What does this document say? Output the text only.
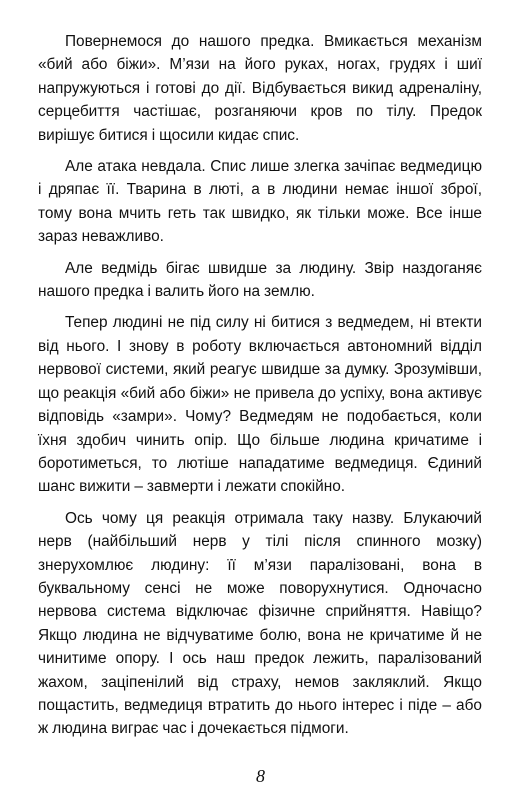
Повернемося до нашого предка. Вмикається механізм «бий або біжи». М’язи на його руках, ногах, грудях і шиї напружуються і готові до дії. Відбувається викид адреналіну, серцебиття частішає, розганяючи кров по тілу. Предок вирішує битися і щосили кидає спис.

Але атака невдала. Спис лише злегка зачіпає ведмедицю і дряпає її. Тварина в люті, а в людини немає іншої зброї, тому вона мчить геть так швидко, як тільки може. Все інше зараз неважливо.

Але ведмідь бігає швидше за людину. Звір наздоганяє нашого предка і валить його на землю.

Тепер людині не під силу ні битися з ведмедем, ні втекти від нього. І знову в роботу включається автономний відділ нервової системи, який реагує швидше за думку. Зрозумівши, що реакція «бий або біжи» не привела до успіху, вона активує відповідь «замри». Чому? Ведмедям не подобається, коли їхня здобич чинить опір. Що більше людина кричатиме і боротиметься, то лютіше нападатиме ведмедиця. Єдиний шанс вижити – завмерти і лежати спокійно.

Ось чому ця реакція отримала таку назву. Блукаючий нерв (найбільший нерв у тілі після спинного мозку) знерухомлює людину: її м’язи паралізовані, вона в буквальному сенсі не може поворухнутися. Одночасно нервова система відключає фізичне сприйняття. Навіщо? Якщо людина не відчуватиме болю, вона не кричатиме й не чинитиме опору. І ось наш предок лежить, паралізований жахом, заціпенілий від страху, немов закляклий. Якщо пощастить, ведмедиця втратить до нього інтерес і піде – або ж людина виграє час і дочекається підмоги.

8
